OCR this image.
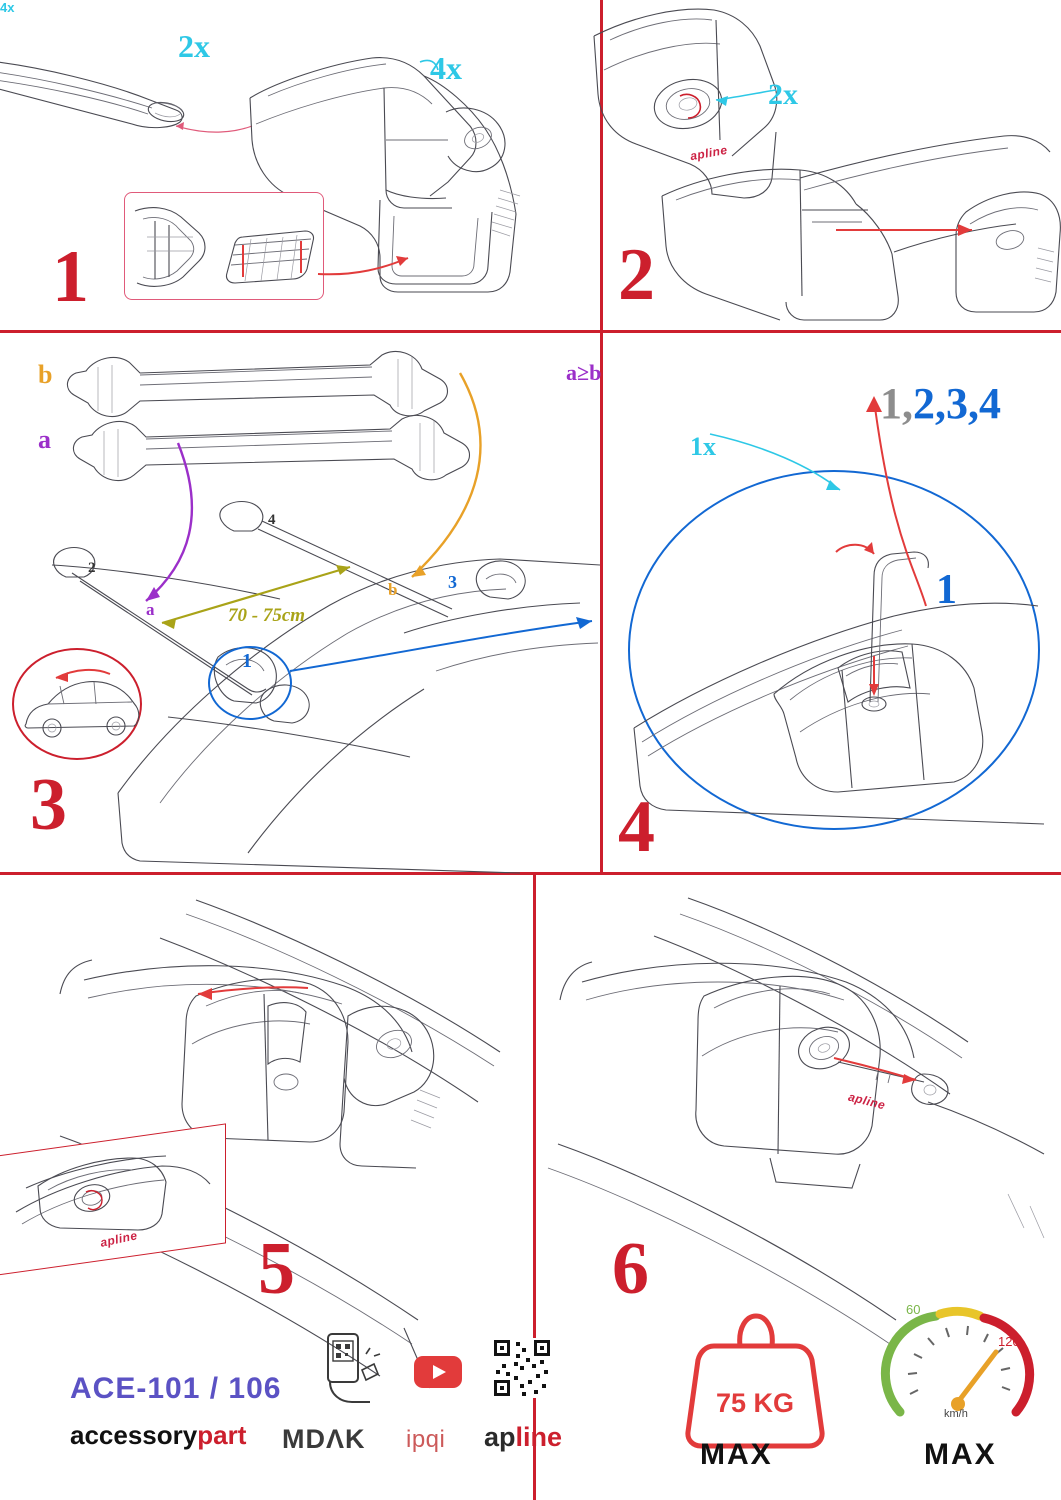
4x
apline
apline
apline
2x
4x
2x
b
a
a≥b
a
b
70 - 75cm
2
3
4
1
1x
1,2,3,4
1
1	2
3	4
5	6
ACE-101 / 106
accessorypart MDΛK ipqi apline
75 KG
MAX
60
120
km/h
MAX
